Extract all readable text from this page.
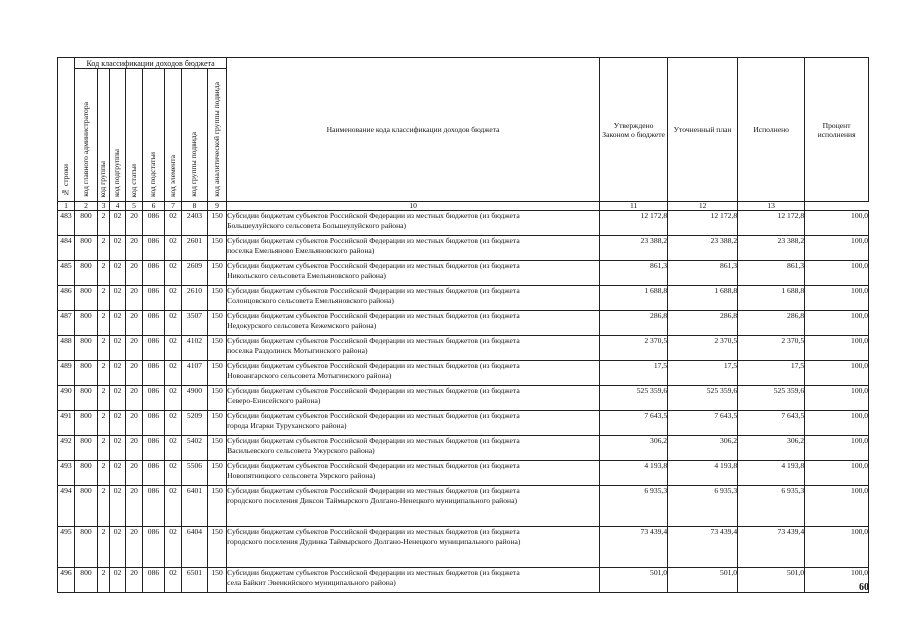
№ строки	Код классификации доходов бюджета								Наименование кода классификации доходов бюджета	Утверждено Законом о бюджете	Уточненный план	Исполнено	Процент исполнения
	код главного администратора	код группы	код подгруппы	код статьи	код подстатьи	код элемента	код группы подвида	код аналитической группы подвида					
1	2	3	4	5	6	7	8	9	10	11	12	13	
483	800	2	02	20	086	02	2403	150	Субсидии бюджетам субъектов Российской Федерации из местных бюджетов (из бюджета
Большеулуйского сельсовета Большеулуйского района)	12 172,8	12 172,8	12 172,8	100,0
484	800	2	02	20	086	02	2601	150	Субсидии бюджетам субъектов Российской Федерации из местных бюджетов (из бюджета
поселка Емельяново Емельяновского района)	23 388,2	23 388,2	23 388,2	100,0
485	800	2	02	20	086	02	2609	150	Субсидии бюджетам субъектов Российской Федерации из местных бюджетов (из бюджета
Никольского сельсовета Емельяновского района)	861,3	861,3	861,3	100,0
486	800	2	02	20	086	02	2610	150	Субсидии бюджетам субъектов Российской Федерации из местных бюджетов (из бюджета
Солонцовского сельсовета Емельяновского района)	1 688,8	1 688,8	1 688,8	100,0
487	800	2	02	20	086	02	3507	150	Субсидии бюджетам субъектов Российской Федерации из местных бюджетов (из бюджета
Недокурского сельсовета Кежемского района)	286,8	286,8	286,8	100,0
488	800	2	02	20	086	02	4102	150	Субсидии бюджетам субъектов Российской Федерации из местных бюджетов (из бюджета
поселка Раздолинск Мотыгинского района)	2 370,5	2 370,5	2 370,5	100,0
489	800	2	02	20	086	02	4107	150	Субсидии бюджетам субъектов Российской Федерации из местных бюджетов (из бюджета
Новоангарского сельсовета Мотыгинского района)	17,5	17,5	17,5	100,0
490	800	2	02	20	086	02	4900	150	Субсидии бюджетам субъектов Российской Федерации из местных бюджетов (из бюджета
Северо-Енисейского района)	525 359,6	525 359,6	525 359,6	100,0
491	800	2	02	20	086	02	5209	150	Субсидии бюджетам субъектов Российской Федерации из местных бюджетов (из бюджета
города Игарки Туруханского района)	7 643,5	7 643,5	7 643,5	100,0
492	800	2	02	20	086	02	5402	150	Субсидии бюджетам субъектов Российской Федерации из местных бюджетов (из бюджета
Васильевского сельсовета Ужурского района)	306,2	306,2	306,2	100,0
493	800	2	02	20	086	02	5506	150	Субсидии бюджетам субъектов Российской Федерации из местных бюджетов (из бюджета
Новопятницкого сельсовета Уярского района)	4 193,8	4 193,8	4 193,8	100,0
494	800	2	02	20	086	02	6401	150	Субсидии бюджетам субъектов Российской Федерации из местных бюджетов (из бюджета
городского поселения Диксон Таймырского Долгано-Ненецкого муниципального района)	6 935,3	6 935,3	6 935,3	100,0
495	800	2	02	20	086	02	6404	150	Субсидии бюджетам субъектов Российской Федерации из местных бюджетов (из бюджета
городского поселения Дудинка Таймырского Долгано-Ненецкого муниципального района)	73 439,4	73 439,4	73 439,4	100,0
496	800	2	02	20	086	02	6501	150	Субсидии бюджетам субъектов Российской Федерации из местных бюджетов (из бюджета
села Байкит Эвенкийского муниципального района)	501,0	501,0	501,0	100,0
60
